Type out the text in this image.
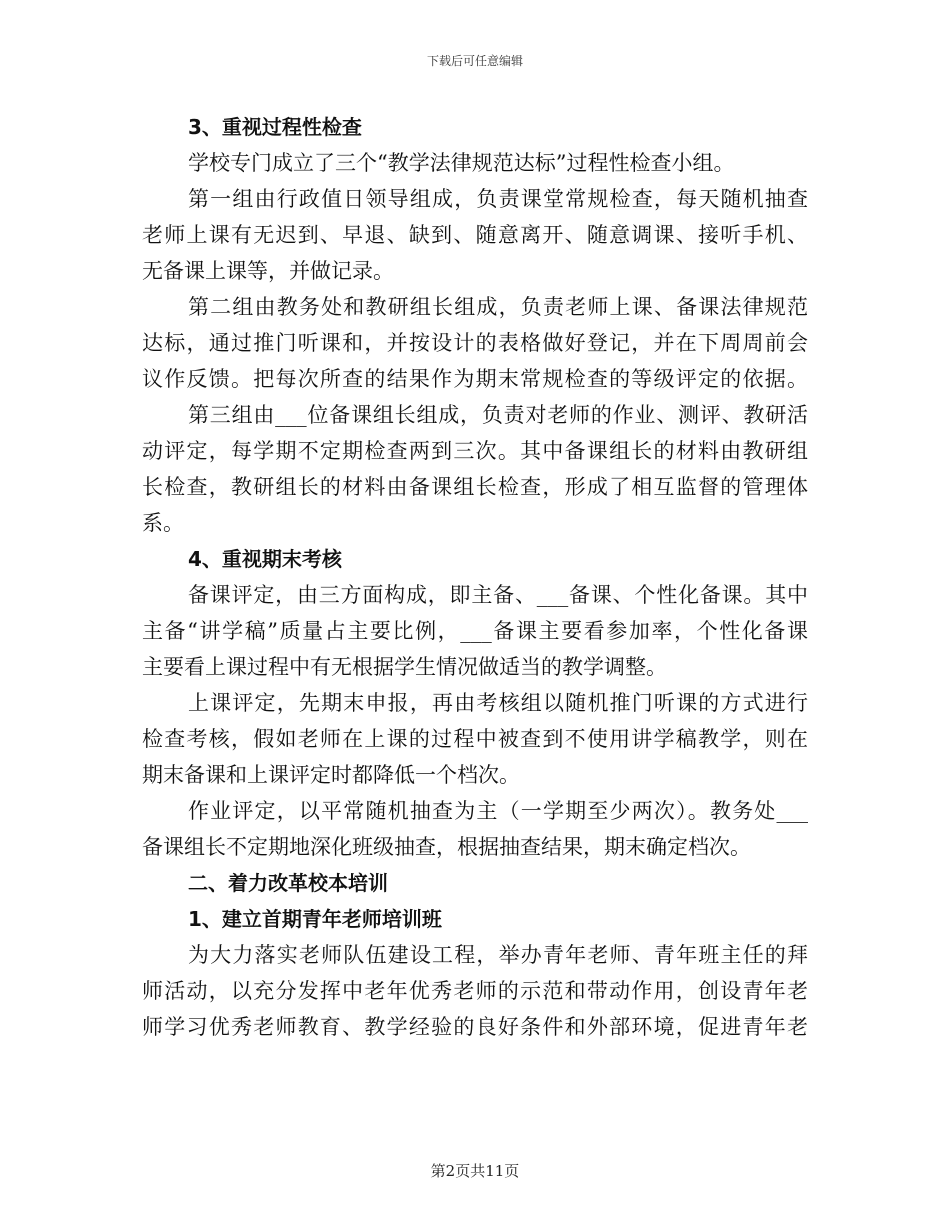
下载后可任意编辑
3、重视过程性检查
学校专门成立了三个“教学法律规范达标”过程性检查小组。
第一组由行政值日领导组成，负责课堂常规检查，每天随机抽查
老师上课有无迟到、早退、缺到、随意离开、随意调课、接听手机、
无备课上课等，并做记录。
第二组由教务处和教研组长组成，负责老师上课、备课法律规范
达标，通过推门听课和，并按设计的表格做好登记，并在下周周前会
议作反馈。把每次所查的结果作为期末常规检查的等级评定的依据。
第三组由___位备课组长组成，负责对老师的作业、测评、教研活
动评定，每学期不定期检查两到三次。其中备课组长的材料由教研组
长检查，教研组长的材料由备课组长检查，形成了相互监督的管理体
系。
4、重视期末考核
备课评定，由三方面构成，即主备、___备课、个性化备课。其中
主备“讲学稿”质量占主要比例，___备课主要看参加率，个性化备课
主要看上课过程中有无根据学生情况做适当的教学调整。
上课评定，先期末申报，再由考核组以随机推门听课的方式进行
检查考核，假如老师在上课的过程中被查到不使用讲学稿教学，则在
期末备课和上课评定时都降低一个档次。
作业评定，以平常随机抽查为主（一学期至少两次）。教务处___
备课组长不定期地深化班级抽查，根据抽查结果，期末确定档次。
二、着力改革校本培训
1、建立首期青年老师培训班
为大力落实老师队伍建设工程，举办青年老师、青年班主任的拜
师活动，以充分发挥中老年优秀老师的示范和带动作用，创设青年老
师学习优秀老师教育、教学经验的良好条件和外部环境，促进青年老
第2页共11页
